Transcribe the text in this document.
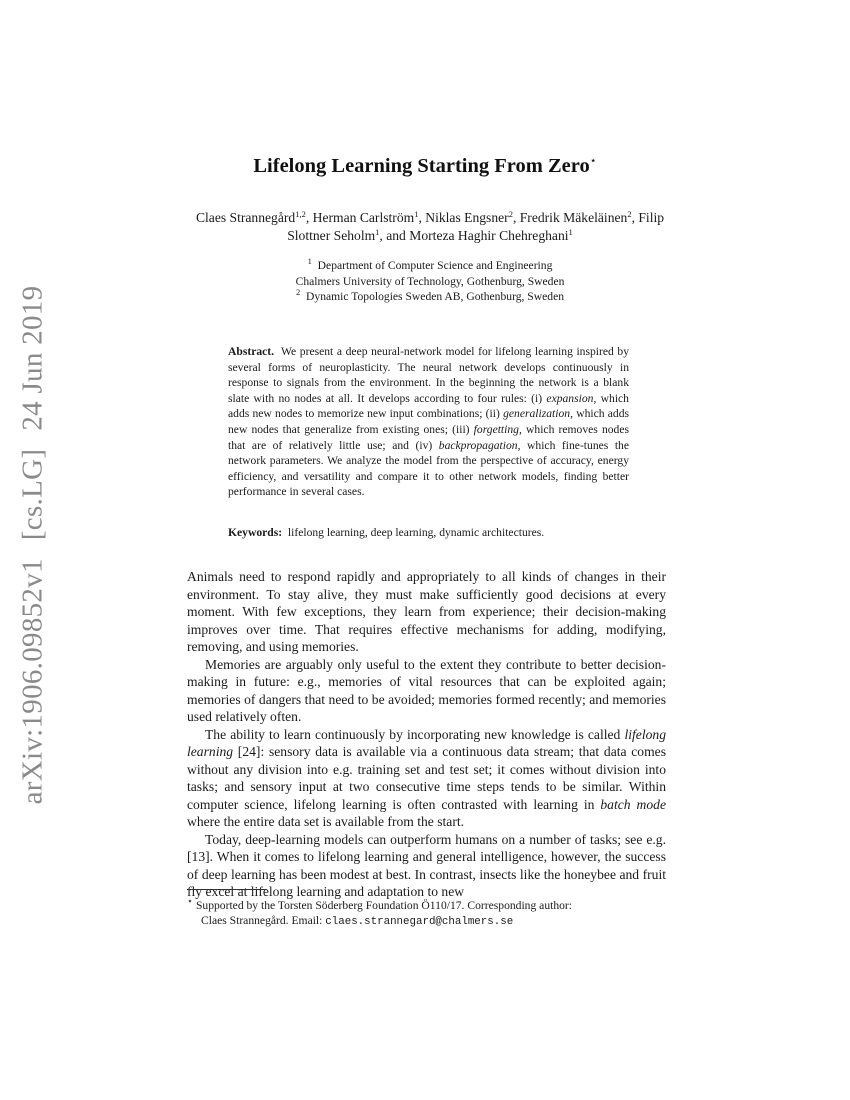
arXiv:1906.09852v1[cs.LG]24 Jun 2019
Lifelong Learning Starting From Zero⋆
Claes Strannegård$^{1,2}$, Herman Carlström$^1$, Niklas Engsner$^2$, Fredrik Mäkeläinen$^2$, Filip Slottner Seholm$^1$, and Morteza Haghir Chehreghani$^1$
$^1$ Department of Computer Science and Engineering
Chalmers University of Technology, Gothenburg, Sweden
$^2$ Dynamic Topologies Sweden AB, Gothenburg, Sweden
Abstract. We present a deep neural-network model for lifelong learning inspired by several forms of neuroplasticity. The neural network develops continuously in response to signals from the environment. In the beginning the network is a blank slate with no nodes at all. It develops according to four rules: (i) expansion, which adds new nodes to memorize new input combinations; (ii) generalization, which adds new nodes that generalize from existing ones; (iii) forgetting, which removes nodes that are of relatively little use; and (iv) backpropagation, which fine-tunes the network parameters. We analyze the model from the perspective of accuracy, energy efficiency, and versatility and compare it to other network models, finding better performance in several cases.
Keywords: lifelong learning, deep learning, dynamic architectures.

Animals need to respond rapidly and appropriately to all kinds of changes in their environment. To stay alive, they must make sufficiently good decisions at every moment. With few exceptions, they learn from experience; their decision-making improves over time. That requires effective mechanisms for adding, modifying, removing, and using memories.

Memories are arguably only useful to the extent they contribute to better decision-making in future: e.g., memories of vital resources that can be exploited again; memories of dangers that need to be avoided; memories formed recently; and memories used relatively often.

The ability to learn continuously by incorporating new knowledge is called lifelong learning [24]: sensory data is available via a continuous data stream; that data comes without any division into e.g. training set and test set; it comes without division into tasks; and sensory input at two consecutive time steps tends to be similar. Within computer science, lifelong learning is often contrasted with learning in batch mode where the entire data set is available from the start.

Today, deep-learning models can outperform humans on a number of tasks; see e.g. [13]. When it comes to lifelong learning and general intelligence, however, the success of deep learning has been modest at best. In contrast, insects like the honeybee and fruit fly excel at lifelong learning and adaptation to new

⋆ Supported by the Torsten Söderberg Foundation Ö110/17. Corresponding author:
Claes Strannegård. Email: claes.strannegard@chalmers.se
